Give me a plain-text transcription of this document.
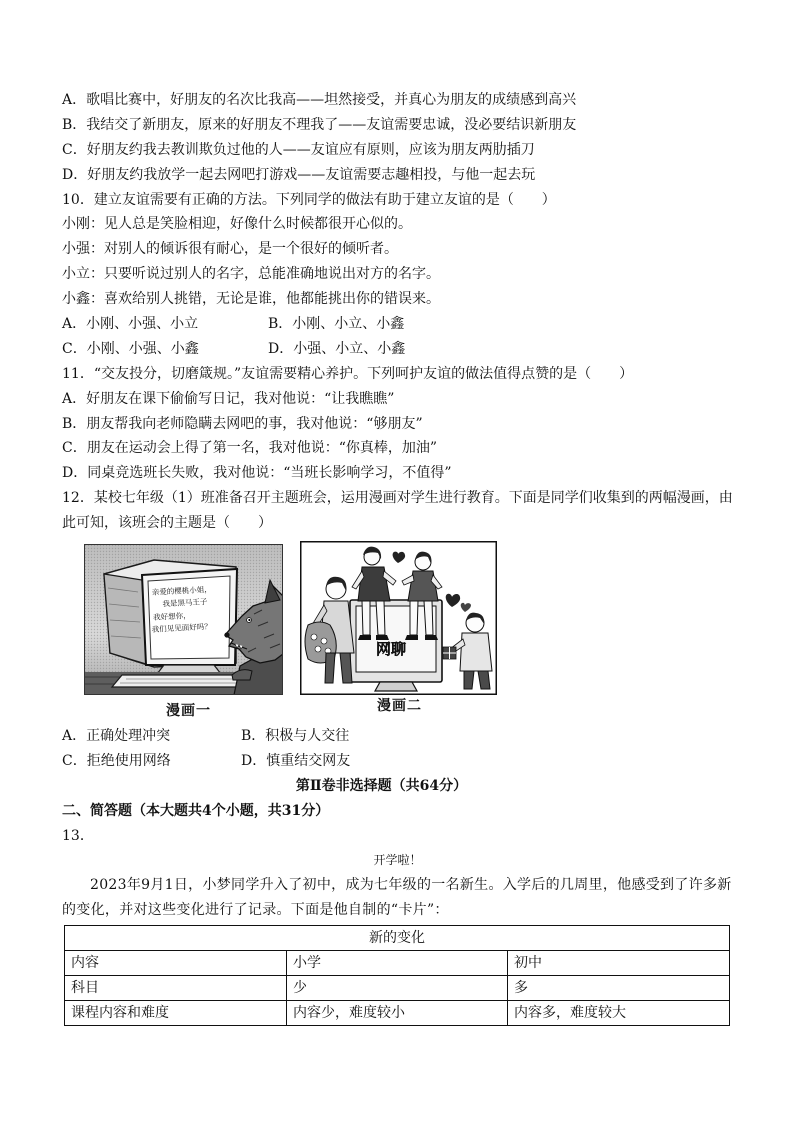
A．歌唱比赛中，好朋友的名次比我高——坦然接受，并真心为朋友的成绩感到高兴
B．我结交了新朋友，原来的好朋友不理我了——友谊需要忠诚，没必要结识新朋友
C．好朋友约我去教训欺负过他的人——友谊应有原则，应该为朋友两肋插刀
D．好朋友约我放学一起去网吧打游戏——友谊需要志趣相投，与他一起去玩
10．建立友谊需要有正确的方法。下列同学的做法有助于建立友谊的是（　　）
小刚：见人总是笑脸相迎，好像什么时候都很开心似的。
小强：对别人的倾诉很有耐心，是一个很好的倾听者。
小立：只要听说过别人的名字，总能准确地说出对方的名字。
小鑫：喜欢给别人挑错，无论是谁，他都能挑出你的错误来。
A．小刚、小强、小立	B．小刚、小立、小鑫
C．小刚、小强、小鑫	D．小强、小立、小鑫
11．“交友投分，切磨箴规。”友谊需要精心养护。下列呵护友谊的做法值得点赞的是（　　）
A．好朋友在课下偷偷写日记，我对他说：“让我瞧瞧”
B．朋友帮我向老师隐瞒去网吧的事，我对他说：“够朋友”
C．朋友在运动会上得了第一名，我对他说：“你真棒，加油”
D．同桌竞选班长失败，我对他说：“当班长影响学习，不值得”
12．某校七年级（1）班准备召开主题班会，运用漫画对学生进行教育。下面是同学们收集到的两幅漫画，由
此可知，该班会的主题是（　　）
亲爱的樱桃小姐，
我是黑马王子
我好想你，
我们见见面好吗？
漫画一
网聊
漫画二
A．正确处理冲突	B．积极与人交往
C．拒绝使用网络	D．慎重结交网友
第Ⅱ卷非选择题（共64分）
二、简答题（本大题共4个小题，共31分）
13．
开学啦！
2023年9月1日，小梦同学升入了初中，成为七年级的一名新生。入学后的几周里，他感受到了许多新
的变化，并对这些变化进行了记录。下面是他自制的“卡片”：
新的变化		
内容	小学	初中
科目	少	多
课程内容和难度	内容少，难度较小	内容多，难度较大
